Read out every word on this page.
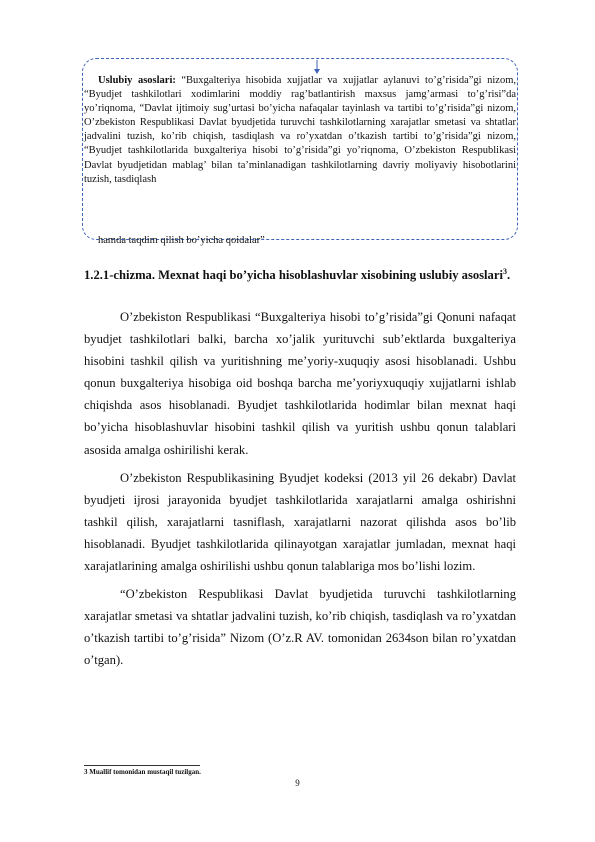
Uslubiy asoslari: “Buxgalteriya hisobida xujjatlar va xujjatlar aylanuvi to’g’risida”gi nizom, “Byudjet tashkilotlari xodimlarini moddiy rag’batlantirish maxsus jamg’armasi to’g’risi”da yo’riqnoma, “Davlat ijtimoiy sug’urtasi bo’yicha nafaqalar tayinlash va tartibi to’g’risida”gi nizom, O’zbekiston Respublikasi Davlat byudjetida turuvchi tashkilotlarning xarajatlar smetasi va shtatlar jadvalini tuzish, ko’rib chiqish, tasdiqlash va ro’yxatdan o’tkazish tartibi to’g’risida”gi nizom, “Byudjet tashkilotlarida buxgalteriya hisobi to’g’risida”gi yo’riqnoma, O’zbekiston Respublikasi Davlat byudjetidan mablag’ bilan ta’minlanadigan tashkilotlarning davriy moliyaviy hisobotlarini tuzish, tasdiqlash

hamda taqdim qilish bo’yicha qoidalar”
1.2.1-chizma. Mexnat haqi bo’yicha hisoblashuvlar xisobining uslubiy asoslari$^3$.

O’zbekiston Respublikasi “Buxgalteriya hisobi to’g’risida”gi Qonuni nafaqat byudjet tashkilotlari balki, barcha xo’jalik yurituvchi sub’ektlarda buxgalteriya hisobini tashkil qilish va yuritishning me’yoriy-xuquqiy asosi hisoblanadi. Ushbu qonun buxgalteriya hisobiga oid boshqa barcha me’yoriyxuquqiy xujjatlarni ishlab chiqishda asos hisoblanadi. Byudjet tashkilotlarida hodimlar bilan mexnat haqi bo’yicha hisoblashuvlar hisobini tashkil qilish va yuritish ushbu qonun talablari asosida amalga oshirilishi kerak.

O’zbekiston Respublikasining Byudjet kodeksi (2013 yil 26 dekabr) Davlat byudjeti ijrosi jarayonida byudjet tashkilotlarida xarajatlarni amalga oshirishni tashkil qilish, xarajatlarni tasniflash, xarajatlarni nazorat qilishda asos bo’lib hisoblanadi. Byudjet tashkilotlarida qilinayotgan xarajatlar jumladan, mexnat haqi xarajatlarining amalga oshirilishi ushbu qonun talablariga mos bo’lishi lozim.

“O’zbekiston Respublikasi Davlat byudjetida turuvchi tashkilotlarning xarajatlar smetasi va shtatlar jadvalini tuzish, ko’rib chiqish, tasdiqlash va ro’yxatdan o’tkazish tartibi to’g’risida” Nizom (O’z.R AV. tomonidan 2634son bilan ro’yxatdan o’tgan).

3 Muallif tomonidan mustaqil tuzilgan.
9
